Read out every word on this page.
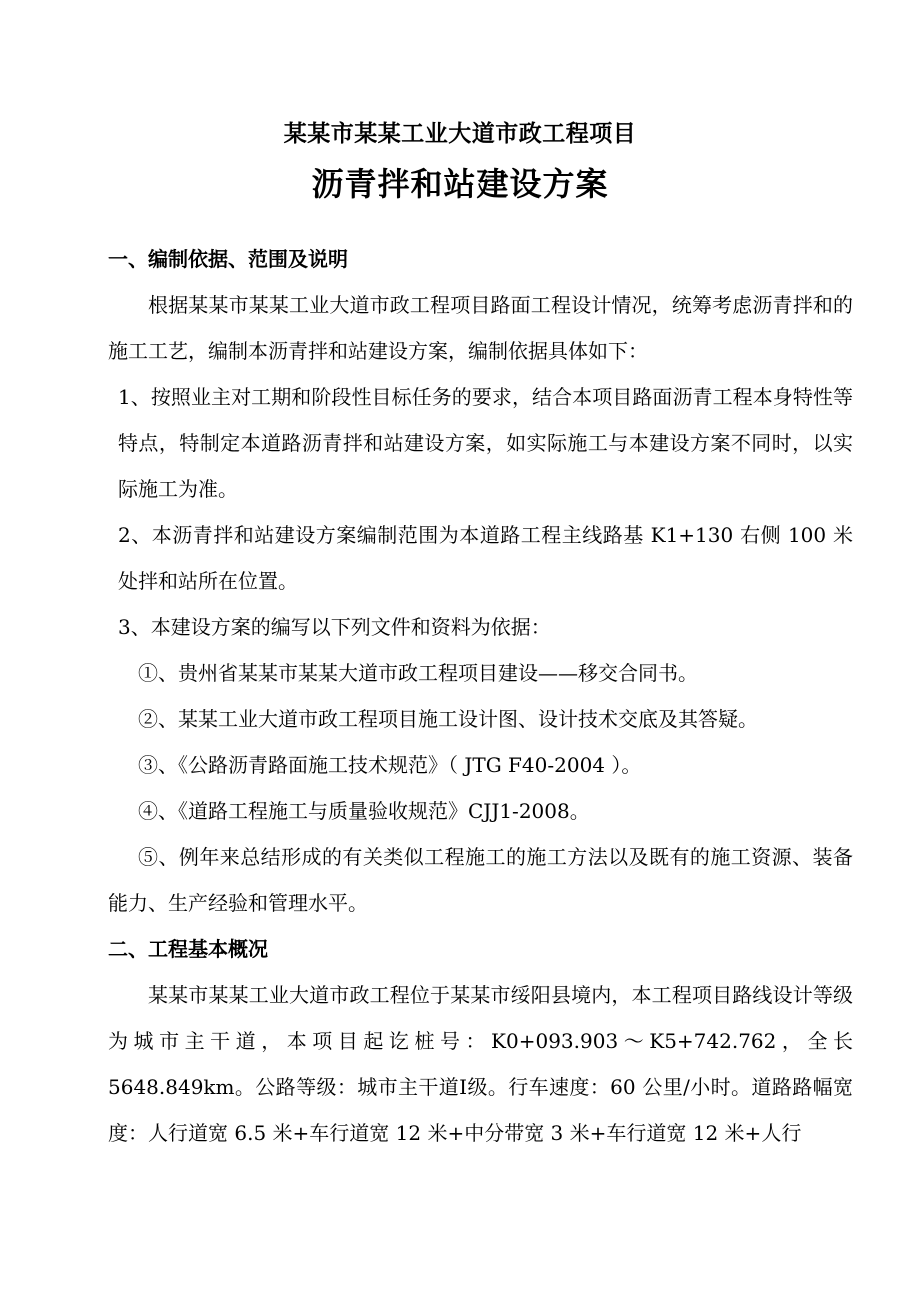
某某市某某工业大道市政工程项目
沥青拌和站建设方案

一、编制依据、范围及说明

根据某某市某某工业大道市政工程项目路面工程设计情况，统筹考虑沥青拌和的施工工艺，编制本沥青拌和站建设方案，编制依据具体如下：

1、按照业主对工期和阶段性目标任务的要求，结合本项目路面沥青工程本身特性等特点，特制定本道路沥青拌和站建设方案，如实际施工与本建设方案不同时，以实际施工为准。

2、本沥青拌和站建设方案编制范围为本道路工程主线路基 K1+130 右侧 100 米处拌和站所在位置。

3、本建设方案的编写以下列文件和资料为依据：

①、贵州省某某市某某大道市政工程项目建设——移交合同书。

②、某某工业大道市政工程项目施工设计图、设计技术交底及其答疑。

③、《公路沥青路面施工技术规范》（ JTG F40-2004 ）。

④、《道路工程施工与质量验收规范》CJJ1-2008。

⑤、例年来总结形成的有关类似工程施工的施工方法以及既有的施工资源、装备能力、生产经验和管理水平。

二、工程基本概况

某某市某某工业大道市政工程位于某某市绥阳县境内，本工程项目路线设计等级为城市主干道，本项目起讫桩号：K0+093.903～K5+742.762，全长 5648.849km。公路等级：城市主干道Ⅰ级。行车速度：60 公里/小时。道路路幅宽度：人行道宽 6.5 米+车行道宽 12 米+中分带宽 3 米+车行道宽 12 米+人行
